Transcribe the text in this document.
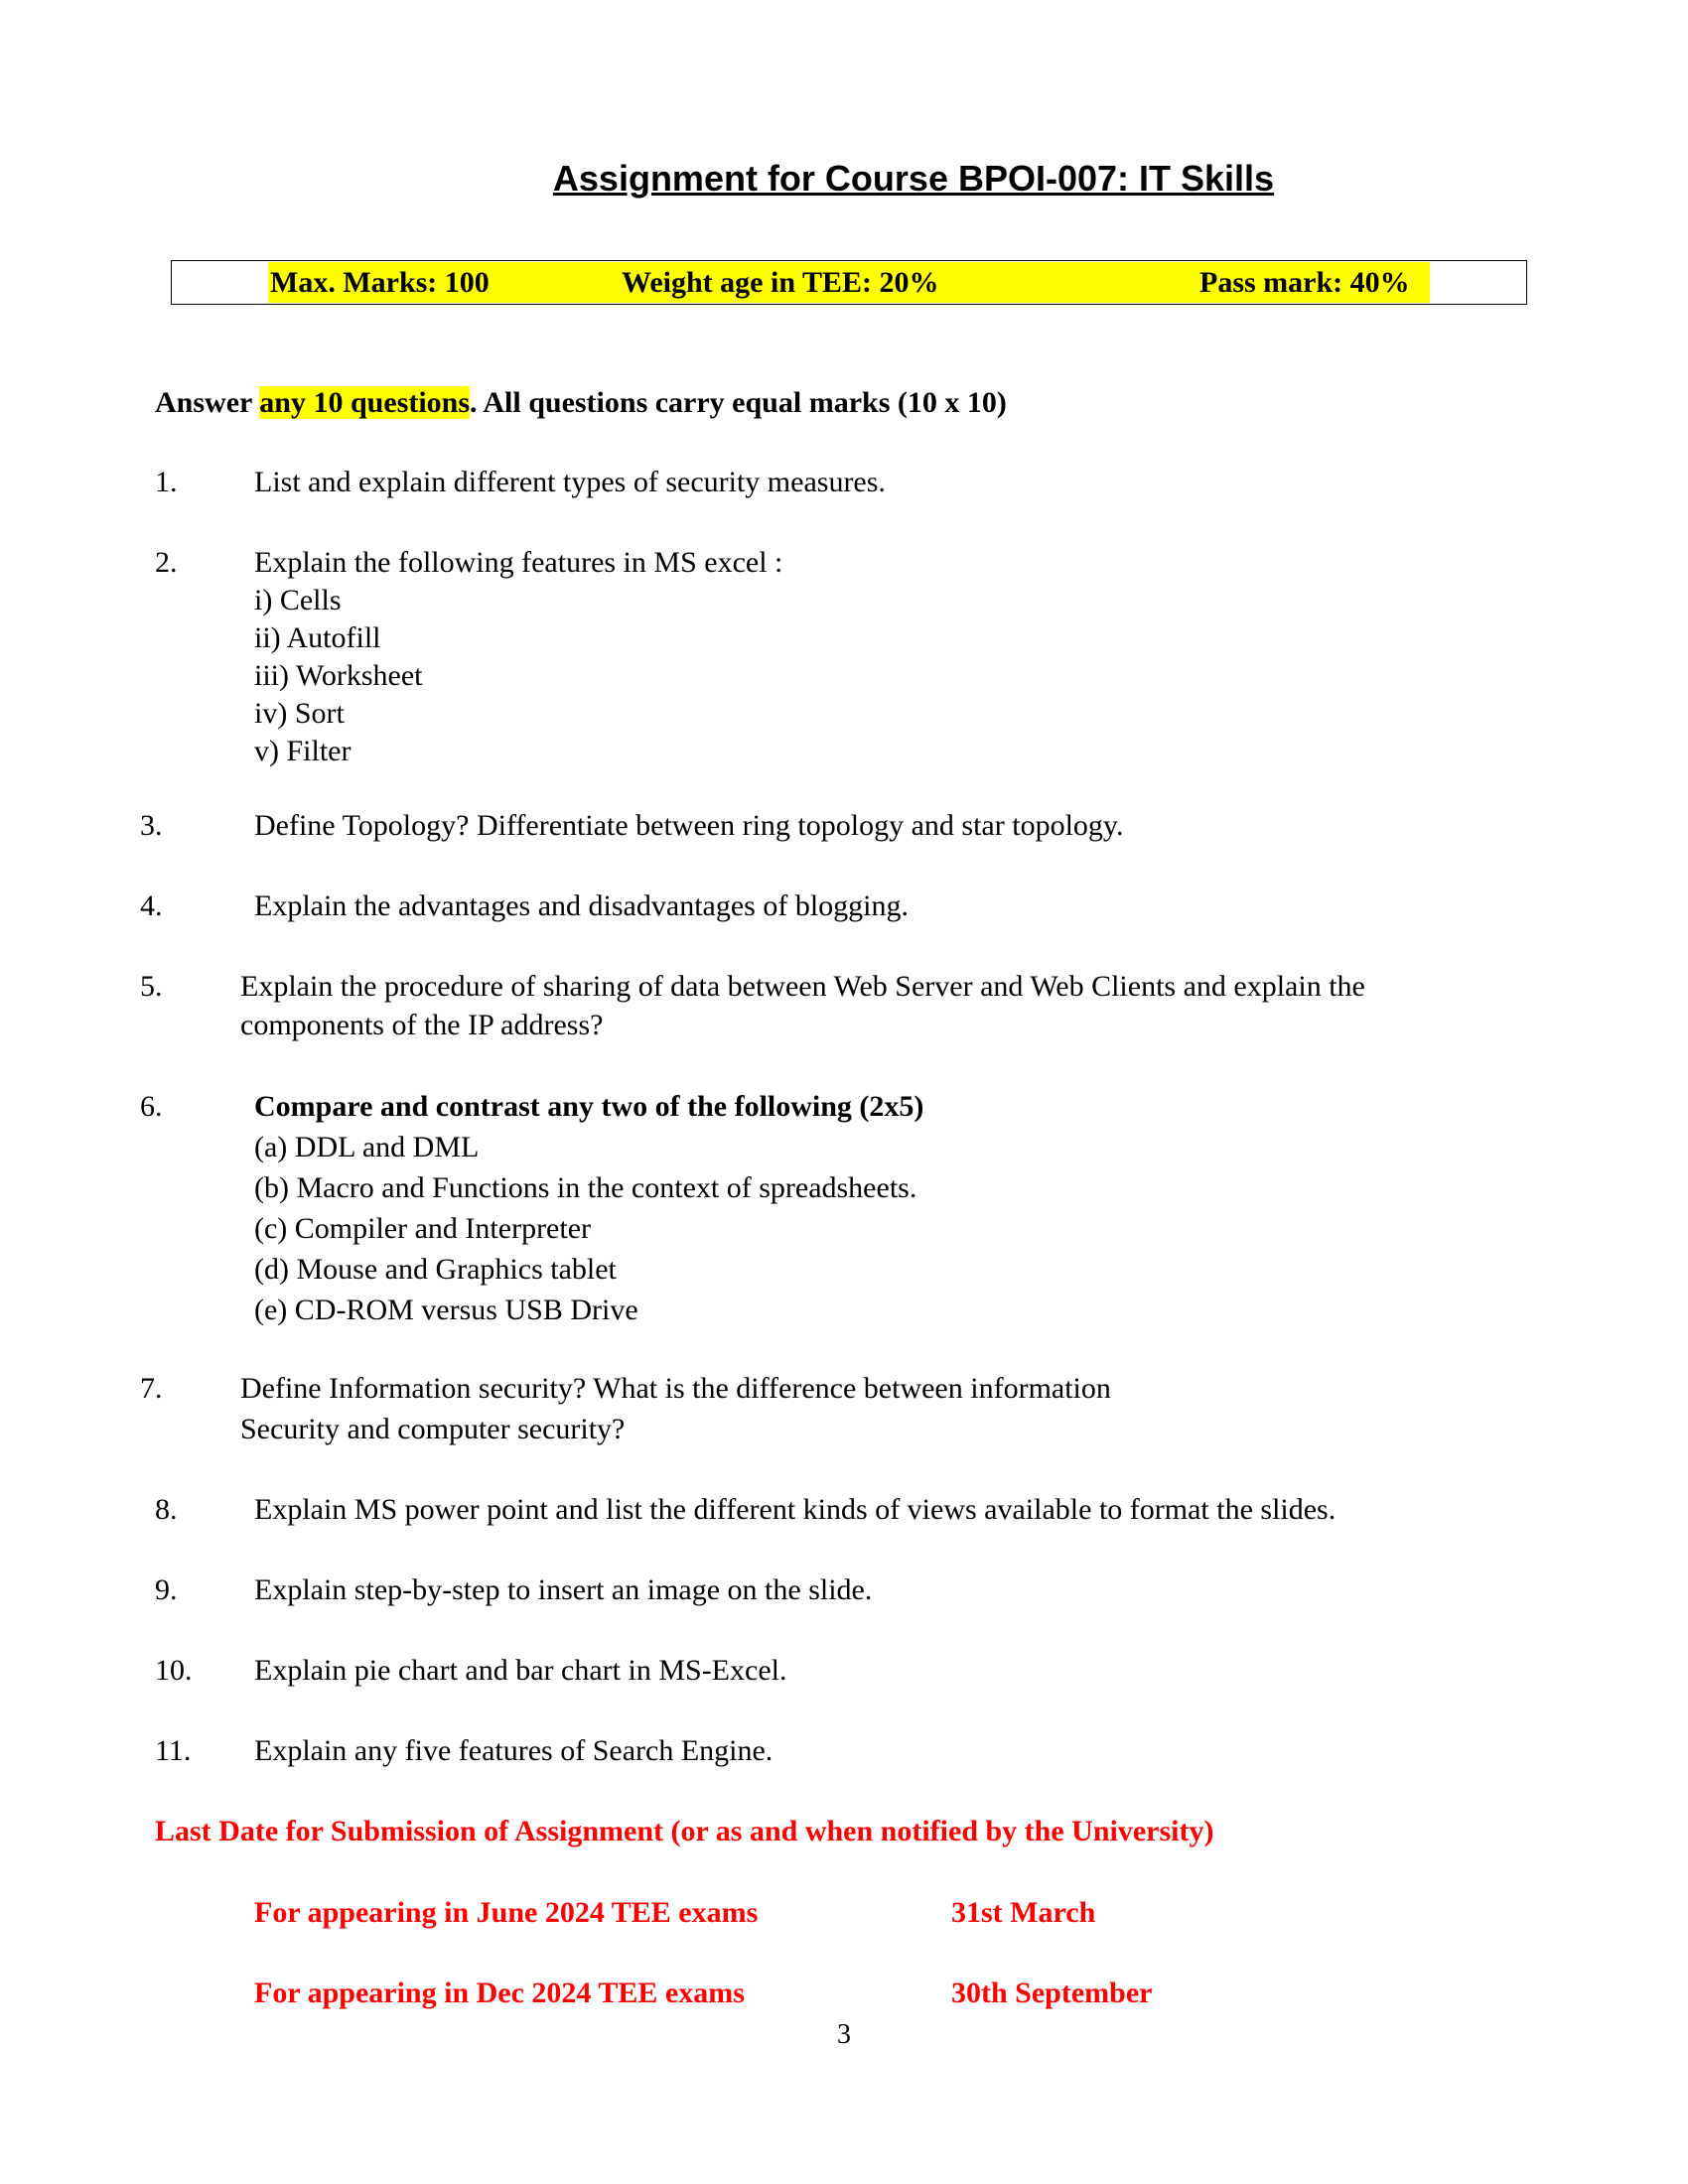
Assignment for Course BPOI-007: IT Skills
Max. Marks: 100	Weight age in TEE: 20%	Pass mark: 40%
Answer any 10 questions. All questions carry equal marks (10 x 10)
1.	List and explain different types of security measures.
2.	Explain the following features in MS excel :
i) Cells
ii) Autofill
iii) Worksheet
iv) Sort
v) Filter
3.	Define Topology? Differentiate between ring topology and star topology.
4.	Explain the advantages and disadvantages of blogging.
5.	Explain the procedure of sharing of data between Web Server and Web Clients and explain the
components of the IP address?
6.	Compare and contrast any two of the following (2x5)
(a) DDL and DML
(b) Macro and Functions in the context of spreadsheets.
(c) Compiler and Interpreter
(d) Mouse and Graphics tablet
(e) CD-ROM versus USB Drive
7.	Define Information security? What is the difference between information
Security and computer security?
8.	Explain MS power point and list the different kinds of views available to format the slides.
9.	Explain step-by-step to insert an image on the slide.
10.	Explain pie chart and bar chart in MS-Excel.
11.	Explain any five features of Search Engine.
Last Date for Submission of Assignment (or as and when notified by the University)
For appearing in June 2024 TEE exams	31st March
For appearing in Dec 2024 TEE exams	30th September
3
